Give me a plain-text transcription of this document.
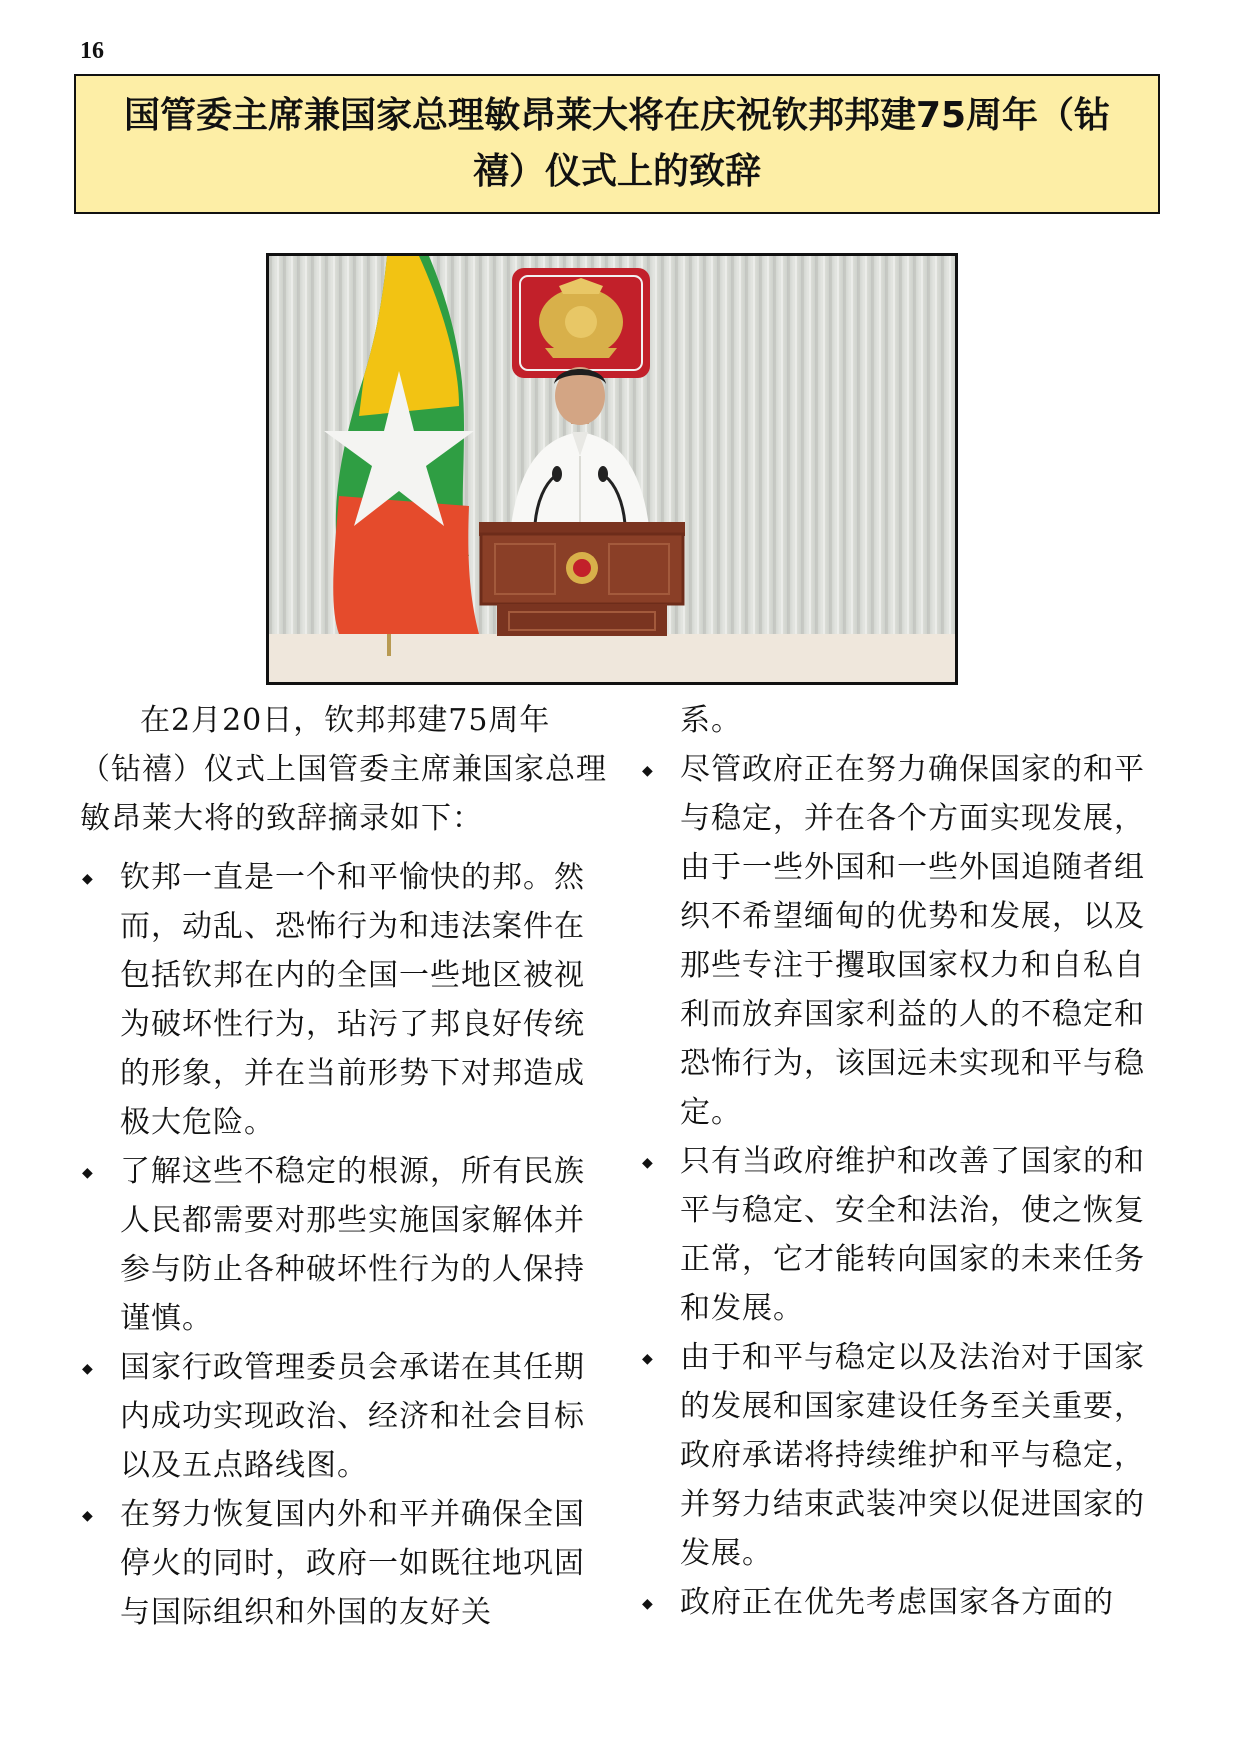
16
国管委主席兼国家总理敏昂莱大将在庆祝钦邦邦建75周年（钻禧）仪式上的致辞

在2月20日，钦邦邦建75周年（钻禧）仪式上国管委主席兼国家总理敏昂莱大将的致辞摘录如下：

◆ 钦邦一直是一个和平愉快的邦。然而，动乱、恐怖行为和违法案件在包括钦邦在内的全国一些地区被视为破坏性行为，玷污了邦良好传统的形象，并在当前形势下对邦造成极大危险。
◆ 了解这些不稳定的根源，所有民族人民都需要对那些实施国家解体并参与防止各种破坏性行为的人保持谨慎。
◆ 国家行政管理委员会承诺在其任期内成功实现政治、经济和社会目标以及五点路线图。
◆ 在努力恢复国内外和平并确保全国停火的同时，政府一如既往地巩固与国际组织和外国的友好关

系。

◆ 尽管政府正在努力确保国家的和平与稳定，并在各个方面实现发展，由于一些外国和一些外国追随者组织不希望缅甸的优势和发展，以及那些专注于攫取国家权力和自私自利而放弃国家利益的人的不稳定和恐怖行为，该国远未实现和平与稳定。
◆ 只有当政府维护和改善了国家的和平与稳定、安全和法治，使之恢复正常，它才能转向国家的未来任务和发展。
◆ 由于和平与稳定以及法治对于国家的发展和国家建设任务至关重要，政府承诺将持续维护和平与稳定，并努力结束武装冲突以促进国家的发展。
◆ 政府正在优先考虑国家各方面的
